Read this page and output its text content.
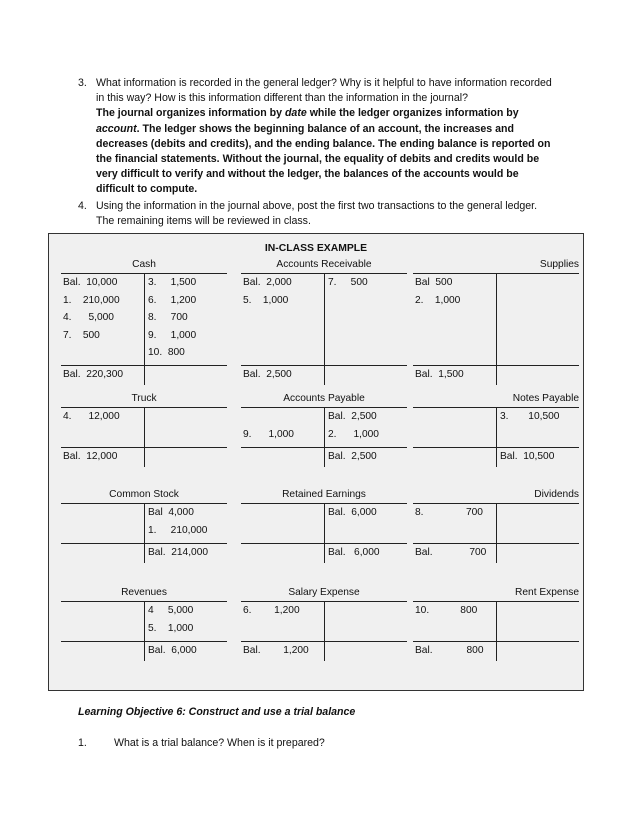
3. What information is recorded in the general ledger? Why is it helpful to have information recorded in this way? How is this information different than the information in the journal?
The journal organizes information by date while the ledger organizes information by
account. The ledger shows the beginning balance of an account, the increases and
decreases (debits and credits), and the ending balance. The ending balance is reported on
the financial statements. Without the journal, the equality of debits and credits would be
very difficult to verify and without the ledger, the balances of the accounts would be
difficult to compute.
4. Using the information in the journal above, post the first two transactions to the general ledger. The remaining items will be reviewed in class.
IN-CLASS EXAMPLE
Cash
Bal.  10,000
1.    210,000
4.      5,000
7.    500
3.     1,500
6.     1,200
8.     700
9.     1,000
10.  800
Bal.  220,300
Accounts Receivable
Bal.  2,000
5.    1,000
7.     500
Bal.  2,500
Supplies
Bal  500
2.    1,000
Bal.  1,500
Truck
4.      12,000
Bal.  12,000
Accounts Payable
9.      1,000
Bal.  2,500
2.      1,000
Bal.  2,500
Notes Payable
3.       10,500
Bal.  10,500
Common Stock
Bal  4,000
1.     210,000
Bal.  214,000
Retained Earnings
Bal.  6,000
Bal.   6,000
Dividends
8.               700
Bal.             700
Revenues
4     5,000
5.    1,000
Bal.  6,000
Salary Expense
6.        1,200
Bal.        1,200
Rent Expense
10.           800
Bal.            800
Learning Objective 6: Construct and use a trial balance
1.	What is a trial balance? When is it prepared?
